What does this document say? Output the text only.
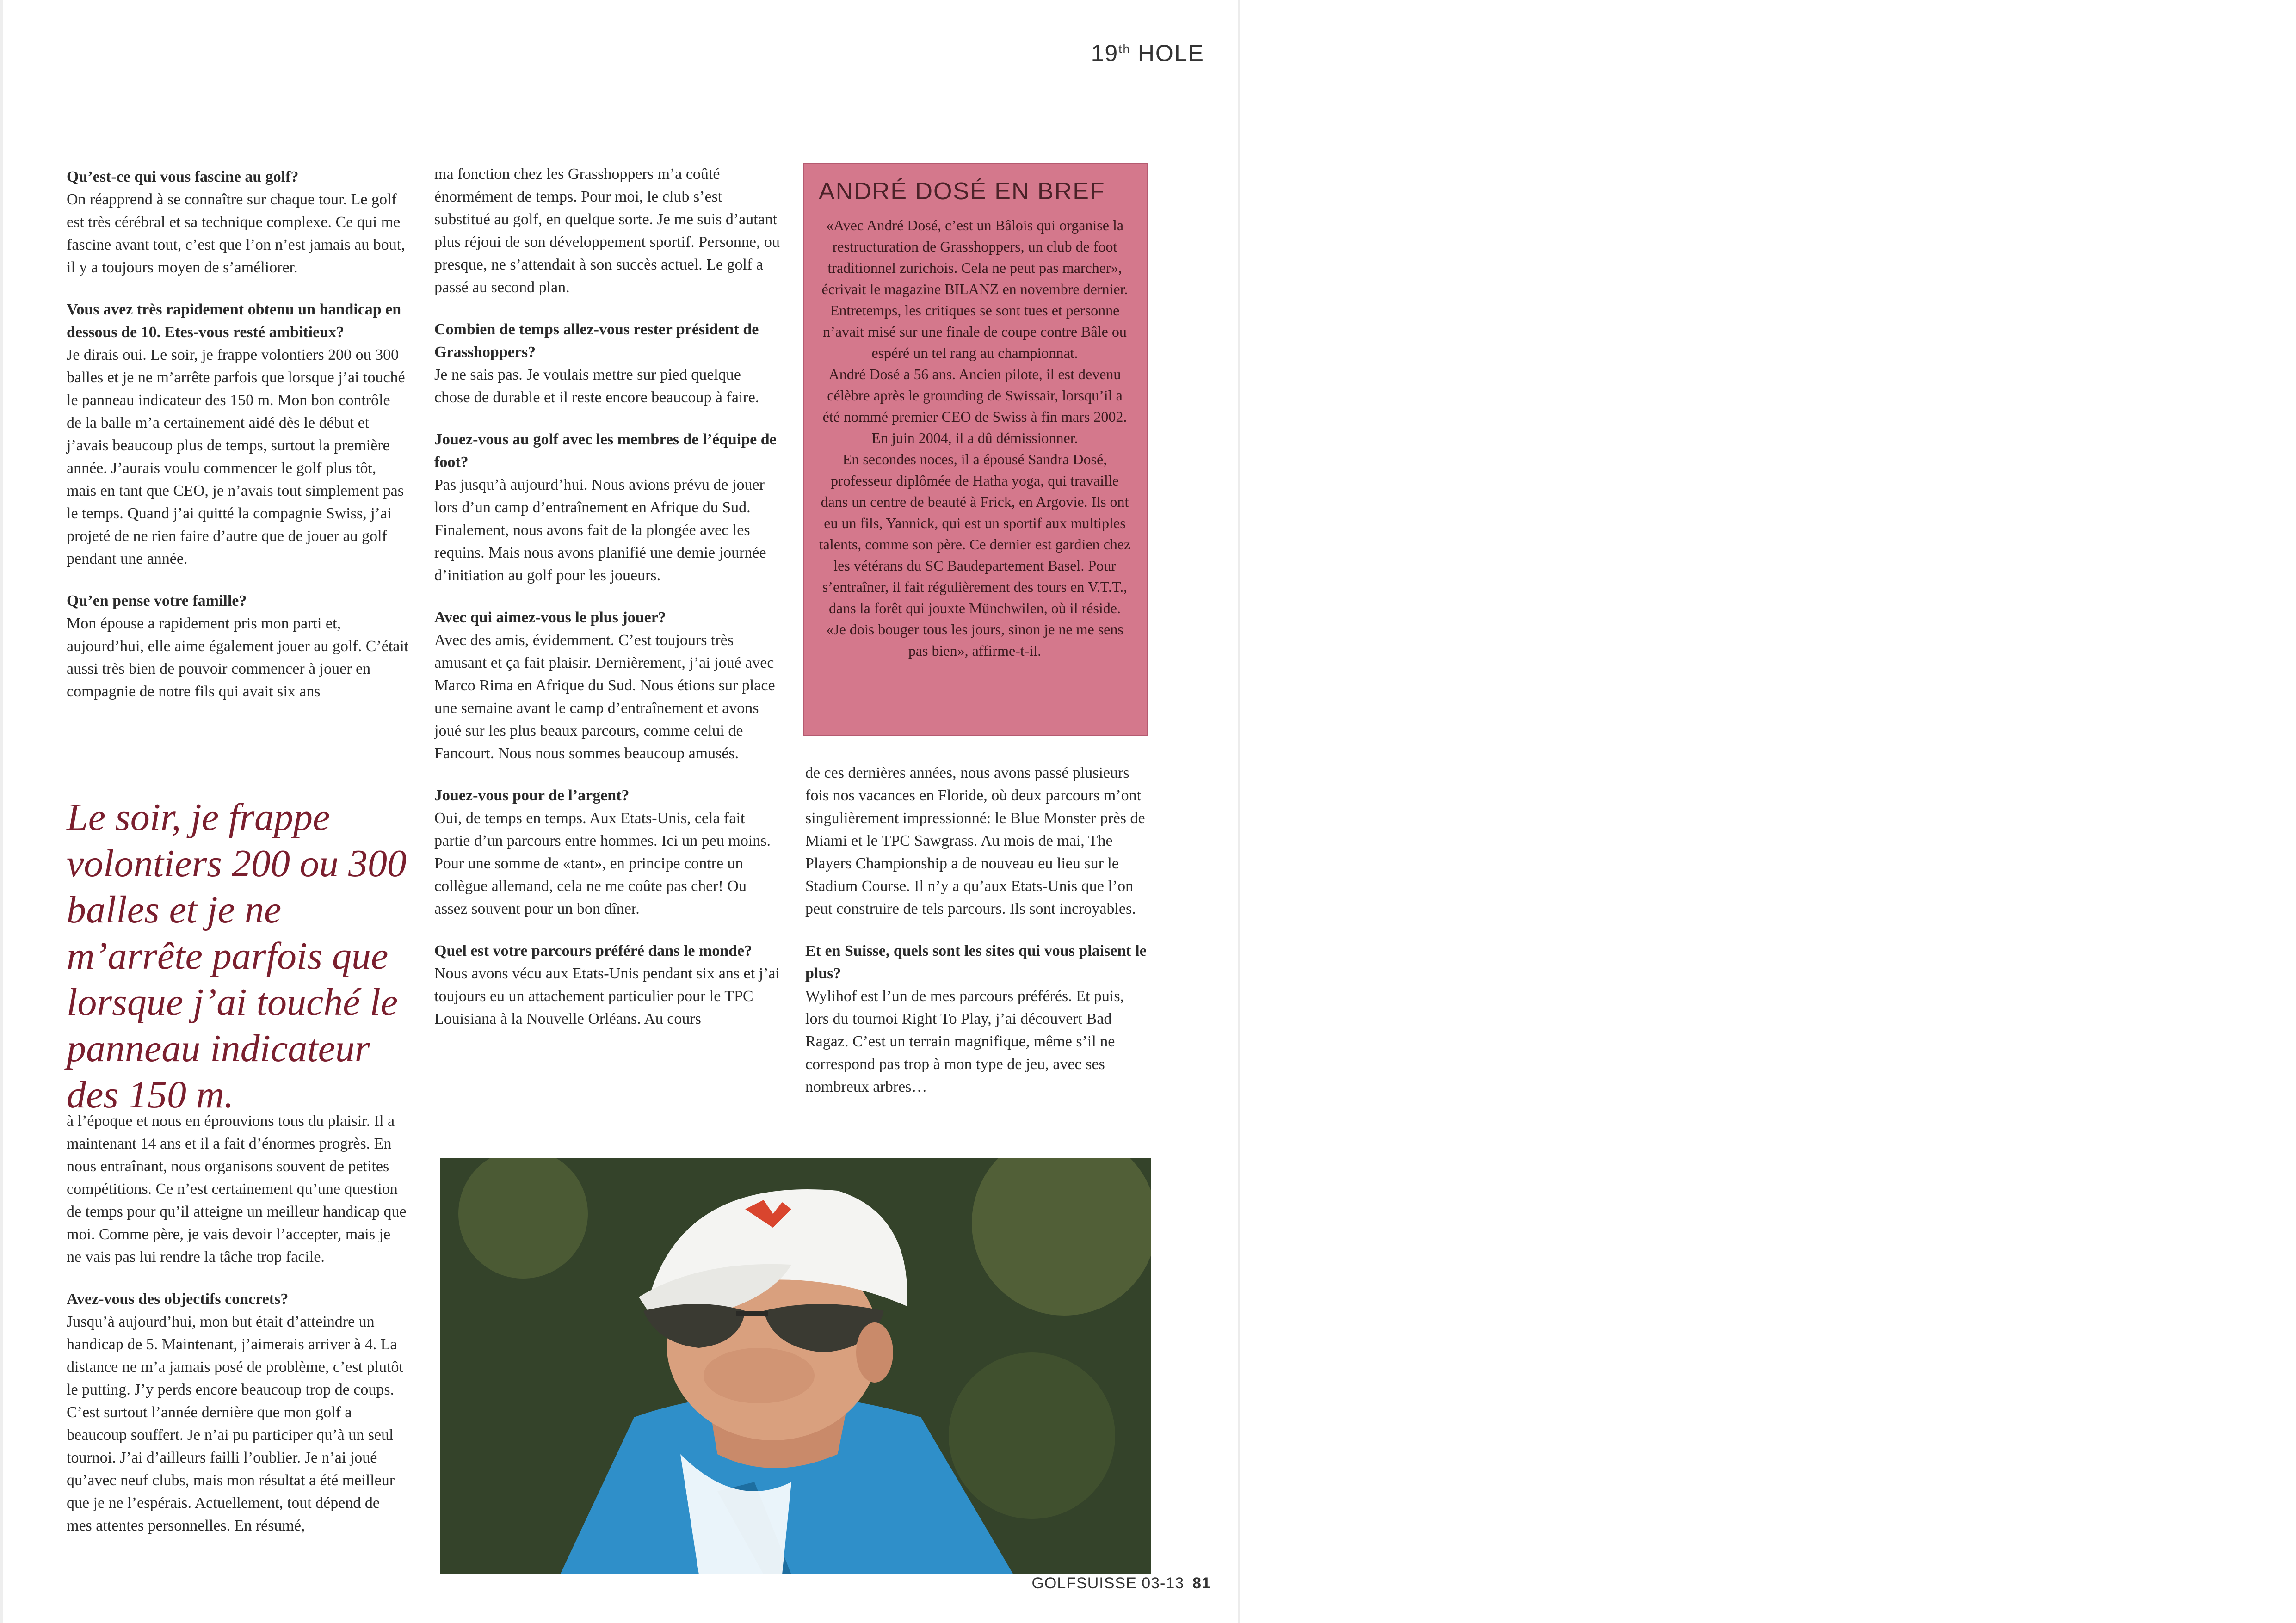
19th HOLE

Qu’est-ce qui vous fascine au golf?
On réapprend à se connaître sur chaque tour. Le golf est très cérébral et sa technique complexe. Ce qui me fascine avant tout, c’est que l’on n’est jamais au bout, il y a toujours moyen de s’améliorer.

Vous avez très rapidement obtenu un handicap en dessous de 10. Etes-vous resté ambitieux?
Je dirais oui. Le soir, je frappe volontiers 200 ou 300 balles et je ne m’arrête parfois que lorsque j’ai touché le panneau indicateur des 150 m. Mon bon contrôle de la balle m’a certainement aidé dès le début et j’avais beaucoup plus de temps, surtout la première année. J’aurais voulu commencer le golf plus tôt, mais en tant que CEO, je n’avais tout simplement pas le temps. Quand j’ai quitté la compagnie Swiss, j’ai projeté de ne rien faire d’autre que de jouer au golf pendant une année.

Qu’en pense votre famille?
Mon épouse a rapidement pris mon parti et, aujourd’hui, elle aime également jouer au golf. C’était aussi très bien de pouvoir commencer à jouer en compagnie de notre fils qui avait six ans

Le soir, je frappe volontiers 200 ou 300 balles et je ne m’arrête parfois que lorsque j’ai touché le panneau indicateur des 150 m.

à l’époque et nous en éprouvions tous du plaisir. Il a maintenant 14 ans et il a fait d’énormes progrès. En nous entraînant, nous organisons souvent de petites compétitions. Ce n’est certainement qu’une question de temps pour qu’il atteigne un meilleur handicap que moi. Comme père, je vais devoir l’accepter, mais je ne vais pas lui rendre la tâche trop facile.

Avez-vous des objectifs concrets?
Jusqu’à aujourd’hui, mon but était d’atteindre un handicap de 5. Maintenant, j’aimerais arriver à 4. La distance ne m’a jamais posé de problème, c’est plutôt le putting. J’y perds encore beaucoup trop de coups. C’est surtout l’année dernière que mon golf a beaucoup souffert. Je n’ai pu participer qu’à un seul tournoi. J’ai d’ailleurs failli l’oublier. Je n’ai joué qu’avec neuf clubs, mais mon résultat a été meilleur que je ne l’espérais. Actuellement, tout dépend de mes attentes personnelles. En résumé,

ma fonction chez les Grasshoppers m’a coûté énormément de temps. Pour moi, le club s’est substitué au golf, en quelque sorte. Je me suis d’autant plus réjoui de son développement sportif. Personne, ou presque, ne s’attendait à son succès actuel. Le golf a passé au second plan.

Combien de temps allez-vous rester président de Grasshoppers?
Je ne sais pas. Je voulais mettre sur pied quelque chose de durable et il reste encore beaucoup à faire.

Jouez-vous au golf avec les membres de l’équipe de foot?
Pas jusqu’à aujourd’hui. Nous avions prévu de jouer lors d’un camp d’entraînement en Afrique du Sud. Finalement, nous avons fait de la plongée avec les requins. Mais nous avons planifié une demie journée d’initiation au golf pour les joueurs.

Avec qui aimez-vous le plus jouer?
Avec des amis, évidemment. C’est toujours très amusant et ça fait plaisir. Dernièrement, j’ai joué avec Marco Rima en Afrique du Sud. Nous étions sur place une semaine avant le camp d’entraînement et avons joué sur les plus beaux parcours, comme celui de Fancourt. Nous nous sommes beaucoup amusés.

Jouez-vous pour de l’argent?
Oui, de temps en temps. Aux Etats-Unis, cela fait partie d’un parcours entre hommes. Ici un peu moins. Pour une somme de «tant», en principe contre un collègue allemand, cela ne me coûte pas cher! Ou assez souvent pour un bon dîner.

Quel est votre parcours préféré dans le monde?
Nous avons vécu aux Etats-Unis pendant six ans et j’ai toujours eu un attachement particulier pour le TPC Louisiana à la Nouvelle Orléans. Au cours

ANDRÉ DOSÉ EN BREF
«Avec André Dosé, c’est un Bâlois qui organise la restructuration de Grasshoppers, un club de foot traditionnel zurichois. Cela ne peut pas marcher», écrivait le magazine BILANZ en novembre dernier. Entretemps, les critiques se sont tues et personne n’avait misé sur une finale de coupe contre Bâle ou espéré un tel rang au championnat.
André Dosé a 56 ans. Ancien pilote, il est devenu célèbre après le grounding de Swissair, lorsqu’il a été nommé premier CEO de Swiss à fin mars 2002. En juin 2004, il a dû démissionner.
En secondes noces, il a épousé Sandra Dosé, professeur diplômée de Hatha yoga, qui travaille dans un centre de beauté à Frick, en Argovie. Ils ont eu un fils, Yannick, qui est un sportif aux multiples talents, comme son père. Ce dernier est gardien chez les vétérans du SC Baudepartement Basel. Pour s’entraîner, il fait régulièrement des tours en V.T.T., dans la forêt qui jouxte Münchwilen, où il réside. «Je dois bouger tous les jours, sinon je ne me sens pas bien», affirme-t-il.

de ces dernières années, nous avons passé plusieurs fois nos vacances en Floride, où deux parcours m’ont singulièrement impressionné: le Blue Monster près de Miami et le TPC Sawgrass. Au mois de mai, The Players Championship a de nouveau eu lieu sur le Stadium Course. Il n’y a qu’aux Etats-Unis que l’on peut construire de tels parcours. Ils sont incroyables.

Et en Suisse, quels sont les sites qui vous plaisent le plus?
Wylihof est l’un de mes parcours préférés. Et puis, lors du tournoi Right To Play, j’ai découvert Bad Ragaz. C’est un terrain magnifique, même s’il ne correspond pas trop à mon type de jeu, avec ses nombreux arbres…

GOLFSUISSE 03-13 81
